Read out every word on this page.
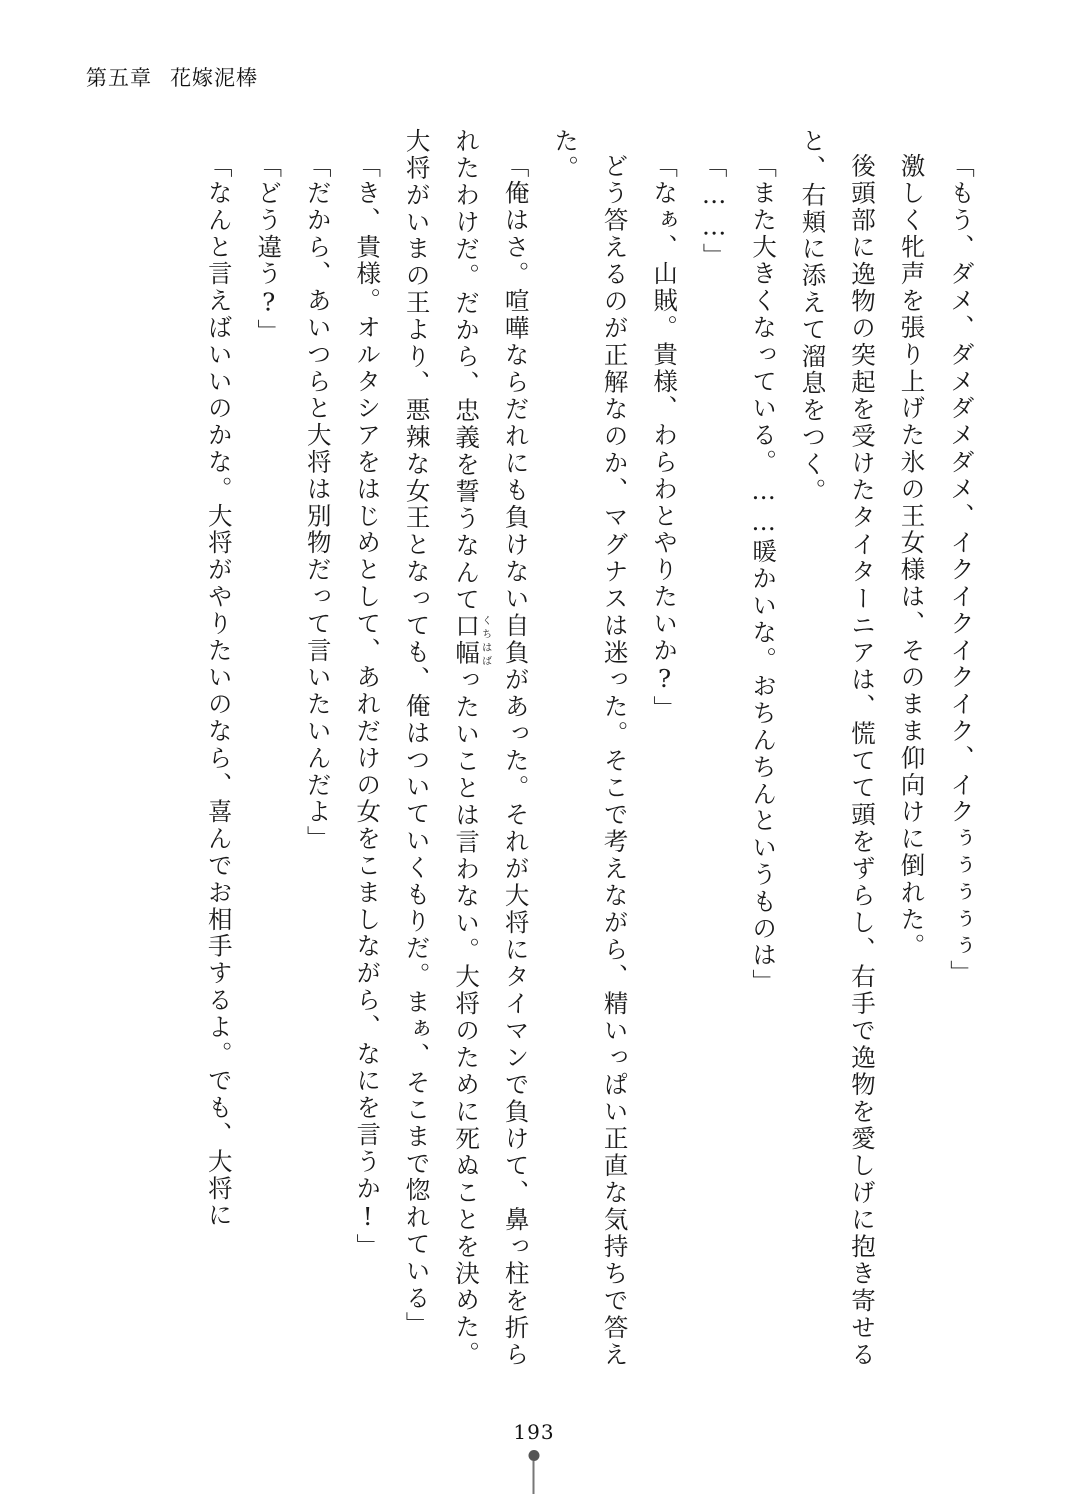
第五章 花嫁泥棒

「もう、ダメ、ダメダメダメ、イクイクイクイク、イクぅぅぅぅぅ」

激しく牝声を張り上げた氷の王女様は、そのまま仰向けに倒れた。

後頭部に逸物の突起を受けたタイターニアは、慌てて頭をずらし、右手で逸物を愛しげに抱き寄せると、右頬に添えて溜息をつく。

「また大きくなっている。……暖かいな。おちんちんというものは」

「……」

「なぁ、山賊。貴様、わらわとやりたいか?」

どう答えるのが正解なのか、マグナスは迷った。そこで考えながら、精いっぱい正直な気持ちで答えた。

「俺はさ。喧嘩ならだれにも負けない自負があった。それが大将にタイマンで負けて、鼻っ柱を折られたわけだ。だから、忠義を誓うなんて口幅くちはばったいことは言わない。大将のために死ぬことを決めた。大将がいまの王より、悪辣な女王となっても、俺はついていくもりだ。まぁ、そこまで惚れている」

「き、貴様。オルタシアをはじめとして、あれだけの女をこましながら、なにを言うか!」

「だから、あいつらと大将は別物だって言いたいんだよ」

「どう違う?」

「なんと言えばいいのかな。大将がやりたいのなら、喜んでお相手するよ。でも、大将に

193
